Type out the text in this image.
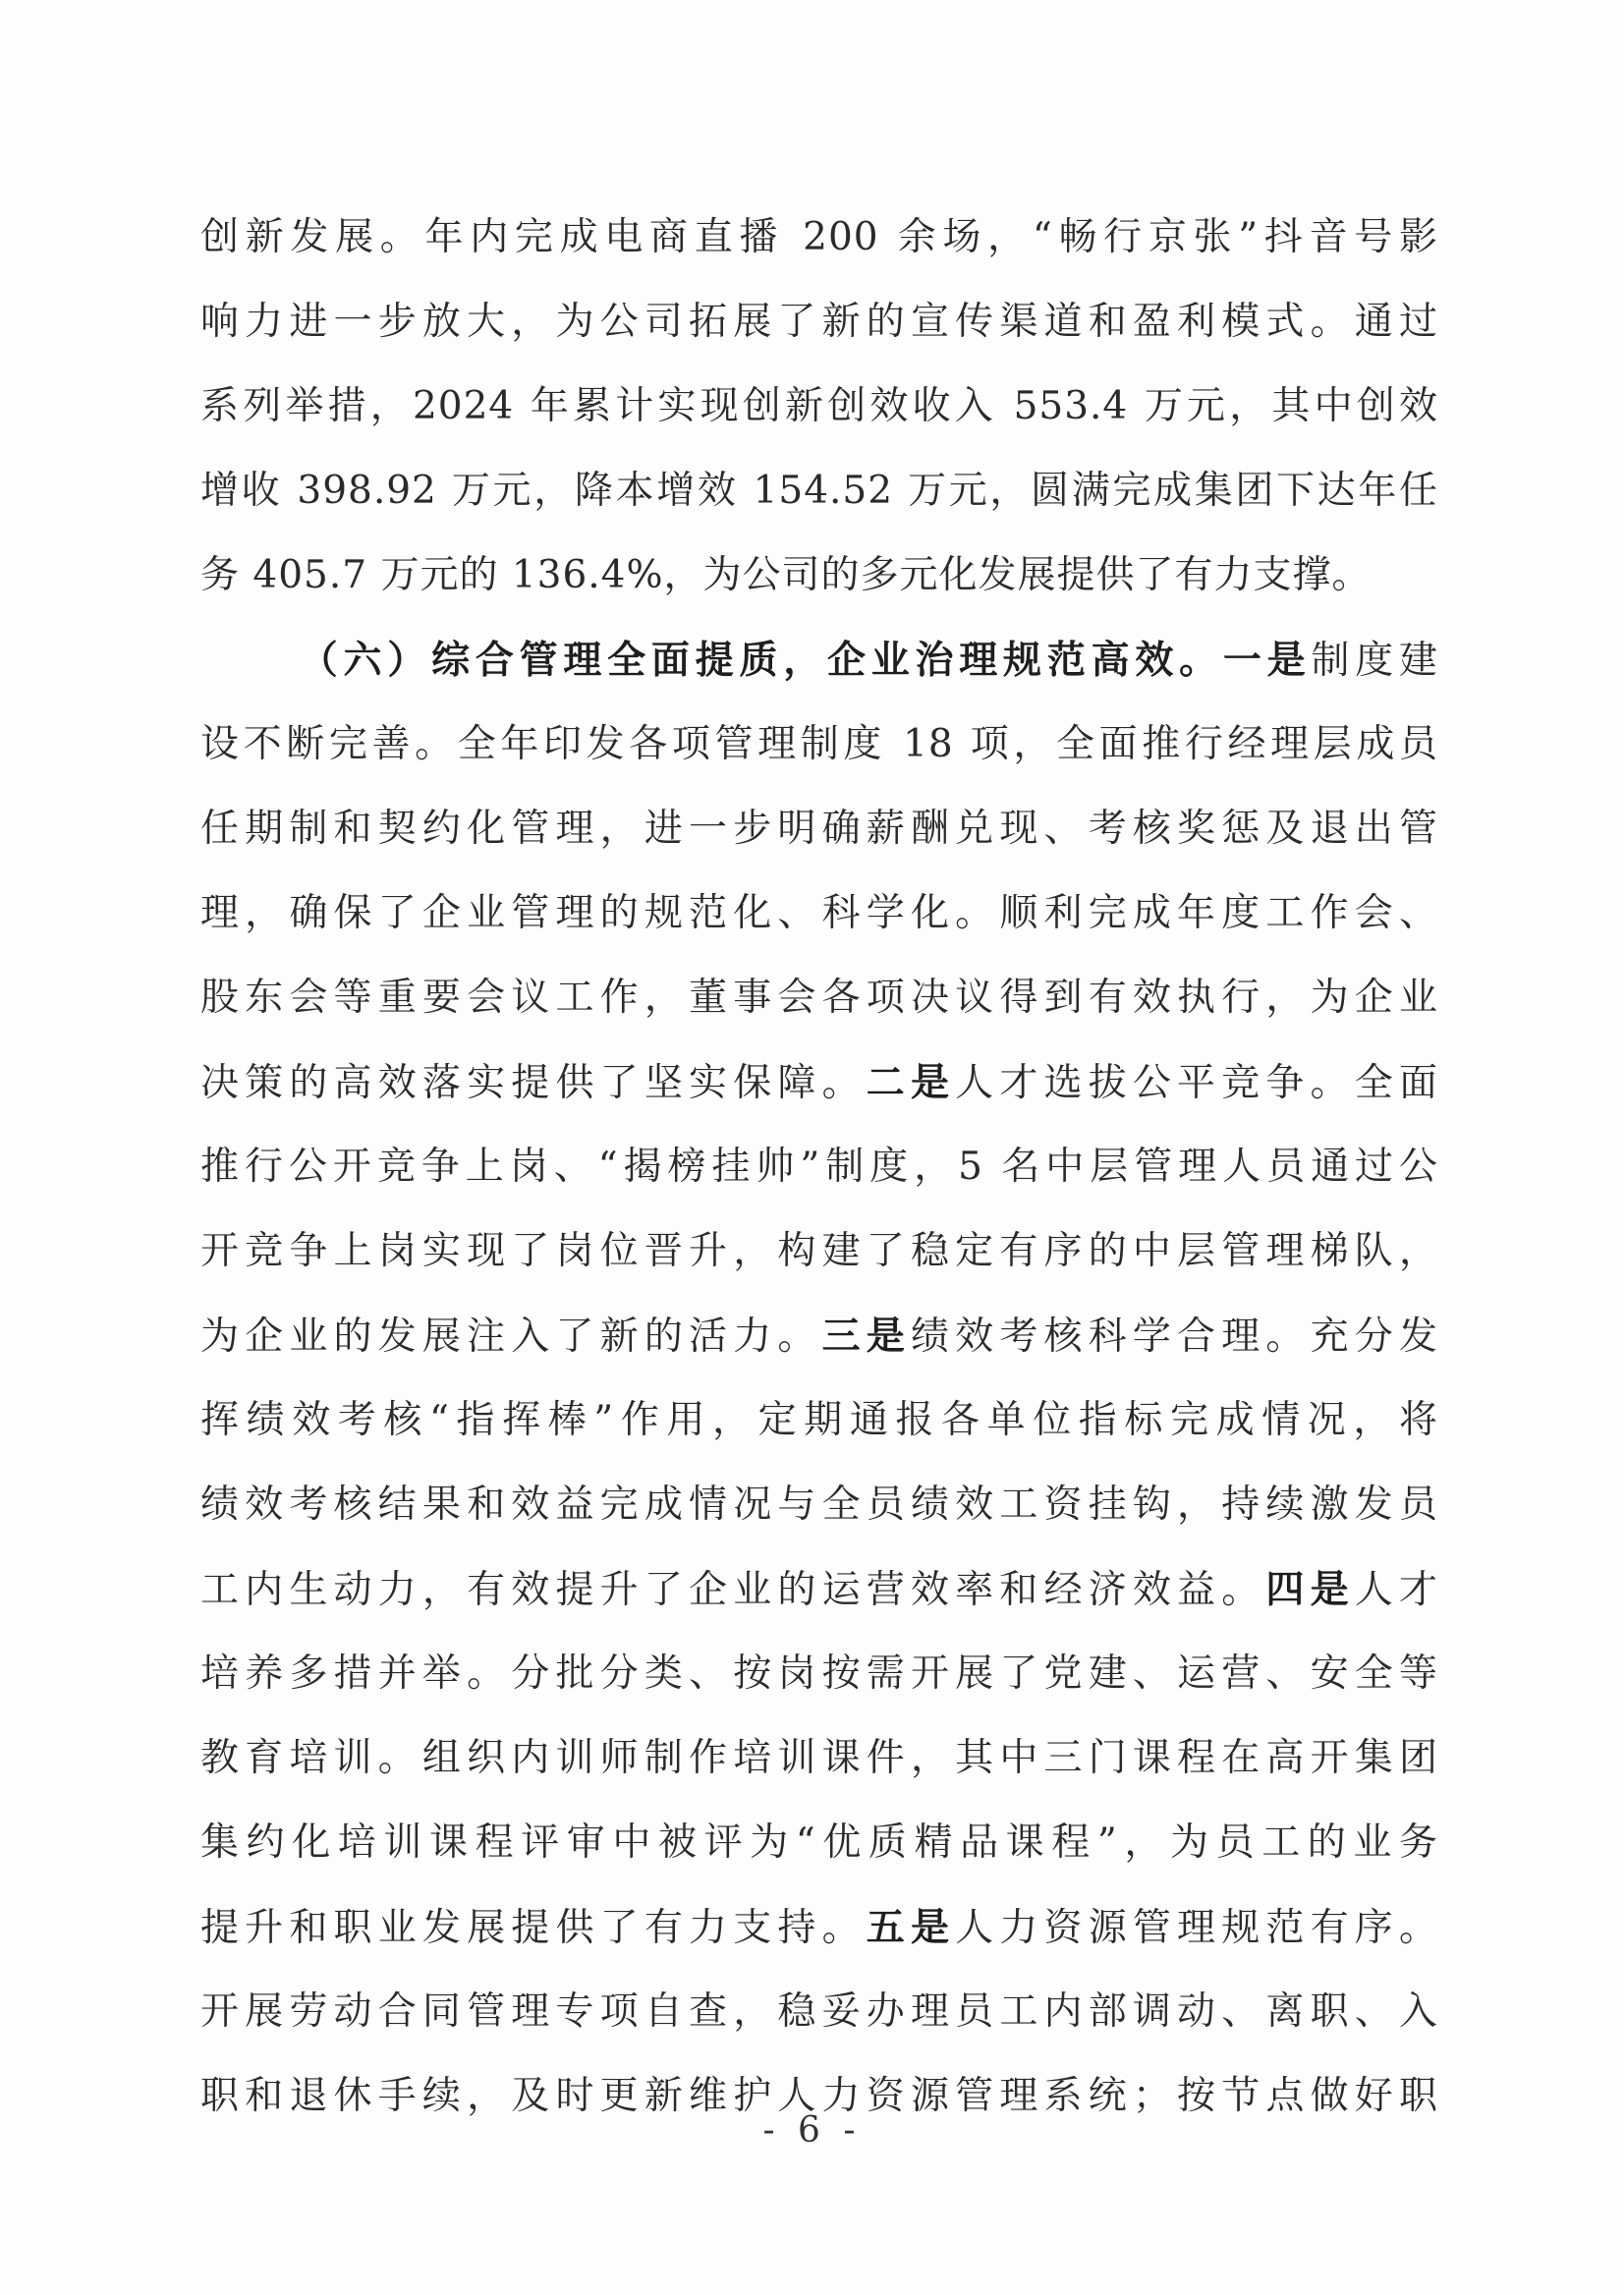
创新发展。年内完成电商直播 200 余场，“畅行京张”抖音号影
响力进一步放大，为公司拓展了新的宣传渠道和盈利模式。通过
系列举措，2024 年累计实现创新创效收入 553.4 万元，其中创效
增收 398.92 万元，降本增效 154.52 万元，圆满完成集团下达年任
务 405.7 万元的 136.4%，为公司的多元化发展提供了有力支撑。
（六）综合管理全面提质，企业治理规范高效。一是制度建
设不断完善。全年印发各项管理制度 18 项，全面推行经理层成员
任期制和契约化管理，进一步明确薪酬兑现、考核奖惩及退出管
理，确保了企业管理的规范化、科学化。顺利完成年度工作会、
股东会等重要会议工作，董事会各项决议得到有效执行，为企业
决策的高效落实提供了坚实保障。二是人才选拔公平竞争。全面
推行公开竞争上岗、“揭榜挂帅”制度，5 名中层管理人员通过公
开竞争上岗实现了岗位晋升，构建了稳定有序的中层管理梯队，
为企业的发展注入了新的活力。三是绩效考核科学合理。充分发
挥绩效考核“指挥棒”作用，定期通报各单位指标完成情况，将
绩效考核结果和效益完成情况与全员绩效工资挂钩，持续激发员
工内生动力，有效提升了企业的运营效率和经济效益。四是人才
培养多措并举。分批分类、按岗按需开展了党建、运营、安全等
教育培训。组织内训师制作培训课件，其中三门课程在高开集团
集约化培训课程评审中被评为“优质精品课程”，为员工的业务
提升和职业发展提供了有力支持。五是人力资源管理规范有序。
开展劳动合同管理专项自查，稳妥办理员工内部调动、离职、入
职和退休手续，及时更新维护人力资源管理系统；按节点做好职
- 6 -
